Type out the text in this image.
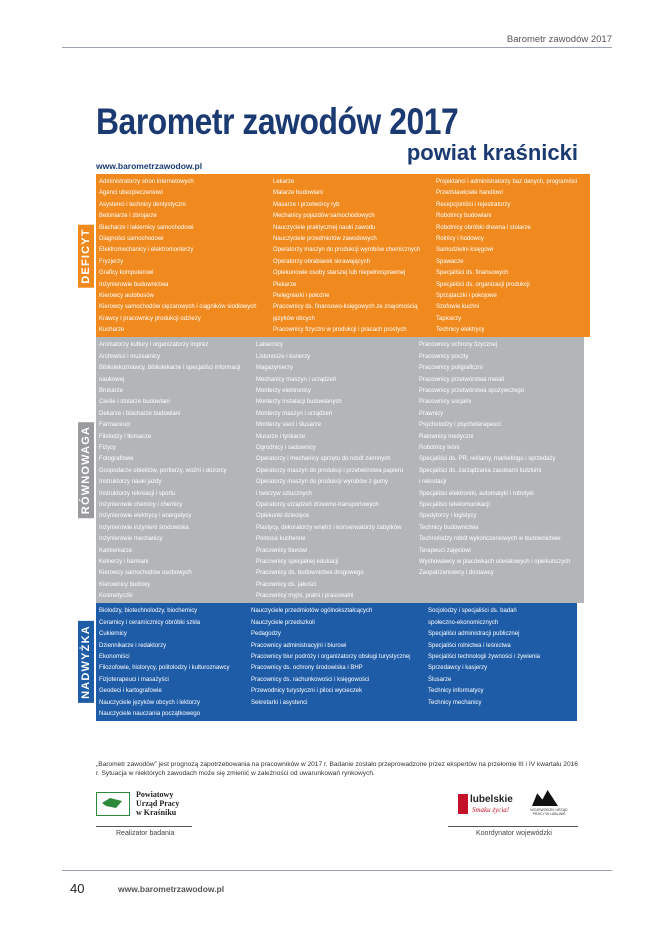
Barometr zawodów 2017
Barometr zawodów 2017
powiat kraśnicki
www.barometrzawodow.pl
DEFICYT
Administratorzy stron internetowych
Agenci ubezpieczeniowi
Asystenci i technicy dentystyczni
Betoniarze i zbrojarze
Blacharze i lakiernicy samochodowi
Diagności samochodowi
Elektromechanicy i elektromonterzy
Fryzjerzy
Graficy komputerowi
Inżynierowie budownictwa
Kierowcy autobusów
Kierowcy samochodów ciężarowych i ciągników siodłowych
Krawcy i pracownicy produkcji odzieży
Kucharze
Lekarze
Malarze budowlani
Masarze i przetwórcy ryb
Mechanicy pojazdów samochodowych
Nauczyciele praktycznej nauki zawodu
Nauczyciele przedmiotów zawodowych
Operatorzy maszyn do produkcji wyrobów chemicznych
Operatorzy obrabiarek skrawających
Opiekunowie osoby starszej lub niepełnosprawnej
Piekarze
Pielęgniarki i położne
Pracownicy ds. finansowo-księgowych ze znajomością
języków obcych
Pracownicy fizyczni w produkcji i pracach prostych
Projektanci i administratorzy baz danych, programiści
Przedstawiciele handlowi
Recepcjoniści i rejestratorzy
Robotnicy budowlani
Robotnicy obróbki drewna i stolarze
Rolnicy i hodowcy
Samodzielni księgowi
Spawacze
Specjaliści ds. finansowych
Specjaliści ds. organizacji produkcji
Sprzątaczki i pokojowe
Szefowie kuchni
Tapicerzy
Technicy elektrycy
RÓWNOWAGA
Animatorzy kultury i organizatorzy imprez
Archiwiści i muzealnicy
Bibliotekoznawcy, bibliotekarze i specjaliści informacji
naukowej
Brukarze
Cieśle i stolarze budowlani
Dekarze i blacharze budowlani
Farmaceuci
Filolodzy i tłumacze
Fizycy
Fotografowie
Gospodarze obiektów, portierzy, woźni i dozorcy
Instruktorzy nauki jazdy
Instruktorzy rekreacji i sportu
Inżynierowie chemicy i chemicy
Inżynierowie elektrycy i energetycy
Inżynierowie inżynierii środowiska
Inżynierowie mechanicy
Kamieniarze
Kelnerzy i barmani
Kierowcy samochodów osobowych
Kierownicy budowy
Kosmetyczki
Lakiernicy
Listonosze i kurierzy
Magazynierzy
Mechanicy maszyn i urządzeń
Monterzy elektronicy
Monterzy instalacji budowlanych
Monterzy maszyn i urządzeń
Monterzy sieci i ślusarze
Murarze i tynkarze
Ogrodnicy i sadownicy
Operatorzy i mechanicy sprzętu do robót ziemnych
Operatorzy maszyn do produkcji i przetwórstwa papieru
Operatorzy maszyn do produkcji wyrobów z gumy
i tworzyw sztucznych
Operatorzy urządzeń drzewno-transportowych
Opiekunki dziecięce
Plastycy, dekoratorzy wnętrz i konserwatorzy zabytków
Pomoce kuchenne
Pracownicy biurowi
Pracownicy specjalnej edukacji
Pracownicy ds. budownictwa drogowego
Pracownicy ds. jakości
Pracownicy myjni, pralni i prasowalni
Pracownicy ochrony fizycznej
Pracownicy poczty
Pracownicy poligraficzni
Pracownicy przetwórstwa metali
Pracownicy przetwórstwa spożywczego
Pracownicy socjalni
Prawnicy
Psycholodzy i psychoterapeuci
Ratownicy medyczni
Robotnicy leśni
Specjaliści ds. PR, reklamy, marketingu i sprzedaży
Specjaliści ds. zarządzania zasobami ludzkimi
i rekrutacji
Specjaliści elektroniki, automatyki i robotyki
Specjaliści telekomunikacji
Spedytorzy i logistycy
Technicy budownictwa
Technolodzy robót wykończeniowych w budownictwie
Terapeuci zajęciowi
Wychowawcy w placówkach oświatowych i opiekuńczych
Zaopatrzeniowcy i dostawcy
NADWYŻKA
Biolodzy, biotechnolodzy, biochemicy
Ceramicy i ceramicznicy obróbki szkła
Cukiernicy
Dziennikarze i redaktorzy
Ekonomiści
Filozofowie, historycy, politolodzy i kulturoznawcy
Fizjoterapeuci i masażyści
Geodeci i kartografowie
Nauczyciele języków obcych i lektorzy
Nauczyciele nauczania początkowego
Nauczyciele przedmiotów ogólnokształcących
Nauczyciele przedszkoli
Pedagodzy
Pracownicy administracyjni i biurowi
Pracownicy biur podróży i organizatorzy obsługi turystycznej
Pracownicy ds. ochrony środowiska i BHP
Pracownicy ds. rachunkowości i księgowości
Przewodnicy turystyczni i piloci wycieczek
Sekretarki i asystenci
Socjolodzy i specjaliści ds. badań
społeczno-ekonomicznych
Specjaliści administracji publicznej
Specjaliści rolnictwa i leśnictwa
Specjaliści technologii żywności i żywienia
Sprzedawcy i kasjerzy
Ślusarze
Technicy informatycy
Technicy mechanicy
„Barometr zawodów” jest prognozą zapotrzebowania na pracowników w 2017 r. Badanie zostało przeprowadzone przez ekspertów na przełomie III i IV kwartału 2016 r. Sytuacja w niektórych zawodach może się zmienić w zależności od uwarunkowań rynkowych.
Powiatowy
Urząd Pracy
w Kraśniku
Realizator badania
lubelskie
Smaku życia!	WOJEWÓDZKI URZĄD PRACY W LUBLINIE
Koordynator wojewódzki
40	www.barometrzawodow.pl
